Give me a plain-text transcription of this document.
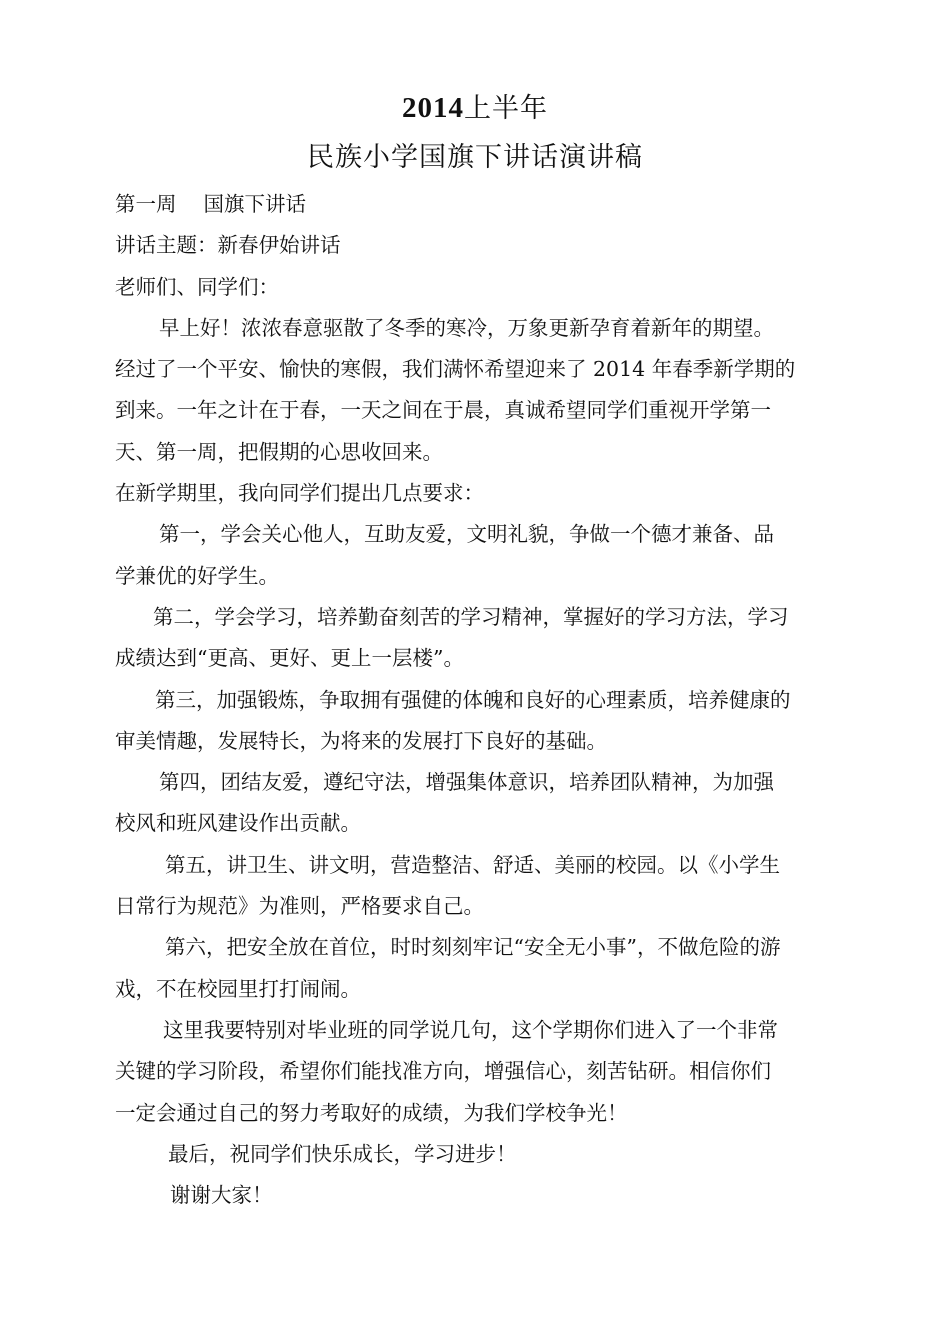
2014上半年
民族小学国旗下讲话演讲稿

第一周　 国旗下讲话

讲话主题：新春伊始讲话

老师们、同学们：

早上好！浓浓春意驱散了冬季的寒冷，万象更新孕育着新年的期望。

经过了一个平安、愉快的寒假，我们满怀希望迎来了 2014 年春季新学期的

到来。一年之计在于春，一天之间在于晨，真诚希望同学们重视开学第一

天、第一周，把假期的心思收回来。

在新学期里，我向同学们提出几点要求：

第一，学会关心他人，互助友爱，文明礼貌，争做一个德才兼备、品

学兼优的好学生。

第二，学会学习，培养勤奋刻苦的学习精神，掌握好的学习方法，学习

成绩达到“更高、更好、更上一层楼”。

第三，加强锻炼，争取拥有强健的体魄和良好的心理素质，培养健康的

审美情趣，发展特长，为将来的发展打下良好的基础。

第四，团结友爱，遵纪守法，增强集体意识，培养团队精神，为加强

校风和班风建设作出贡献。

第五，讲卫生、讲文明，营造整洁、舒适、美丽的校园。以《小学生

日常行为规范》为准则，严格要求自己。

第六，把安全放在首位，时时刻刻牢记“安全无小事”，不做危险的游

戏，不在校园里打打闹闹。

这里我要特别对毕业班的同学说几句，这个学期你们进入了一个非常

关键的学习阶段，希望你们能找准方向，增强信心，刻苦钻研。相信你们

一定会通过自己的努力考取好的成绩，为我们学校争光！

最后，祝同学们快乐成长，学习进步！

谢谢大家！
